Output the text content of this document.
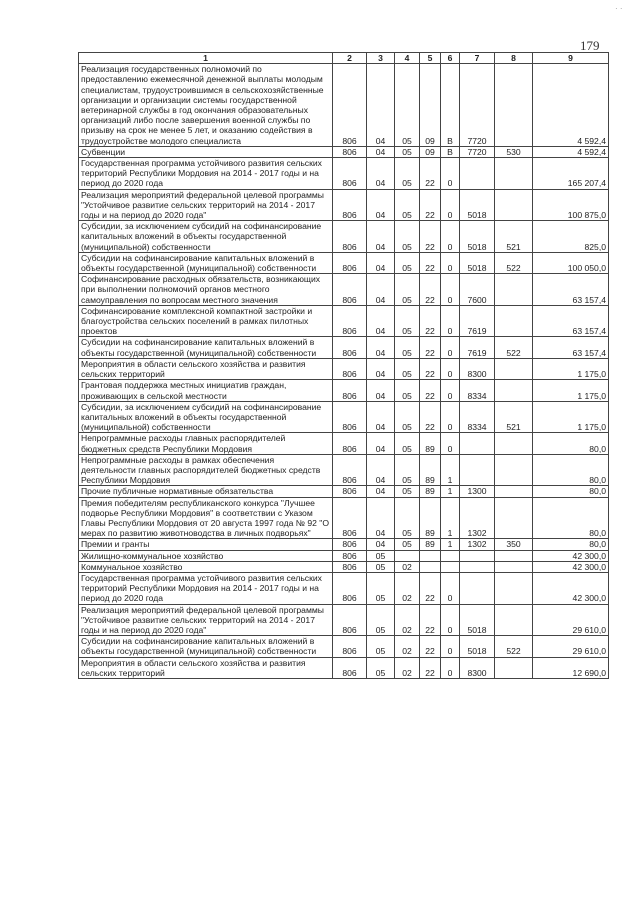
· ·
179
1	2	3	4	5	6	7	8	9
Реализация государственных полномочий по предоставлению ежемесячной денежной выплаты молодым специалистам, трудоустроившимся в сельскохозяйственные организации и организации системы государственной ветеринарной службы в год окончания образовательных организаций либо после завершения военной службы по призыву на срок не менее 5 лет, и оказанию содействия в трудоустройстве молодого специалиста	806	04	05	09	В	7720		4 592,4
Субвенции	806	04	05	09	В	7720	530	4 592,4
Государственная программа устойчивого развития сельских территорий Республики Мордовия на 2014 - 2017 годы и на период до 2020 года	806	04	05	22	0			165 207,4
Реализация мероприятий федеральной целевой программы "Устойчивое развитие сельских территорий на 2014 - 2017 годы и на период до 2020 года"	806	04	05	22	0	5018		100 875,0
Субсидии, за исключением субсидий на софинансирование капитальных вложений в объекты государственной (муниципальной) собственности	806	04	05	22	0	5018	521	825,0
Субсидии на софинансирование капитальных вложений в объекты государственной (муниципальной) собственности	806	04	05	22	0	5018	522	100 050,0
Софинансирование расходных обязательств, возникающих при выполнении полномочий органов местного самоуправления по вопросам местного значения	806	04	05	22	0	7600		63 157,4
Софинансирование комплексной компактной застройки и благоустройства сельских поселений в рамках пилотных проектов	806	04	05	22	0	7619		63 157,4
Субсидии на софинансирование капитальных вложений в объекты государственной (муниципальной) собственности	806	04	05	22	0	7619	522	63 157,4
Мероприятия в области сельского хозяйства и развития сельских территорий	806	04	05	22	0	8300		1 175,0
Грантовая поддержка местных инициатив граждан, проживающих в сельской местности	806	04	05	22	0	8334		1 175,0
Субсидии, за исключением субсидий на софинансирование капитальных вложений в объекты государственной (муниципальной) собственности	806	04	05	22	0	8334	521	1 175,0
Непрограммные расходы главных распорядителей бюджетных средств Республики Мордовия	806	04	05	89	0			80,0
Непрограммные расходы в рамках обеспечения деятельности главных распорядителей бюджетных средств Республики Мордовия	806	04	05	89	1			80,0
Прочие публичные нормативные обязательства	806	04	05	89	1	1300		80,0
Премия победителям республиканского конкурса "Лучшее подворье Республики Мордовия" в соответствии с Указом Главы Республики Мордовия от 20 августа 1997 года № 92 "О мерах по развитию животноводства в личных подворьях"	806	04	05	89	1	1302		80,0
Премии и гранты	806	04	05	89	1	1302	350	80,0
Жилищно-коммунальное хозяйство	806	05						42 300,0
Коммунальное хозяйство	806	05	02					42 300,0
Государственная программа устойчивого развития сельских территорий Республики Мордовия на 2014 - 2017 годы и на период до 2020 года	806	05	02	22	0			42 300,0
Реализация мероприятий федеральной целевой программы "Устойчивое развитие сельских территорий на 2014 - 2017 годы и на период до 2020 года"	806	05	02	22	0	5018		29 610,0
Субсидии на софинансирование капитальных вложений в объекты государственной (муниципальной) собственности	806	05	02	22	0	5018	522	29 610,0
Мероприятия в области сельского хозяйства и развития сельских территорий	806	05	02	22	0	8300		12 690,0
